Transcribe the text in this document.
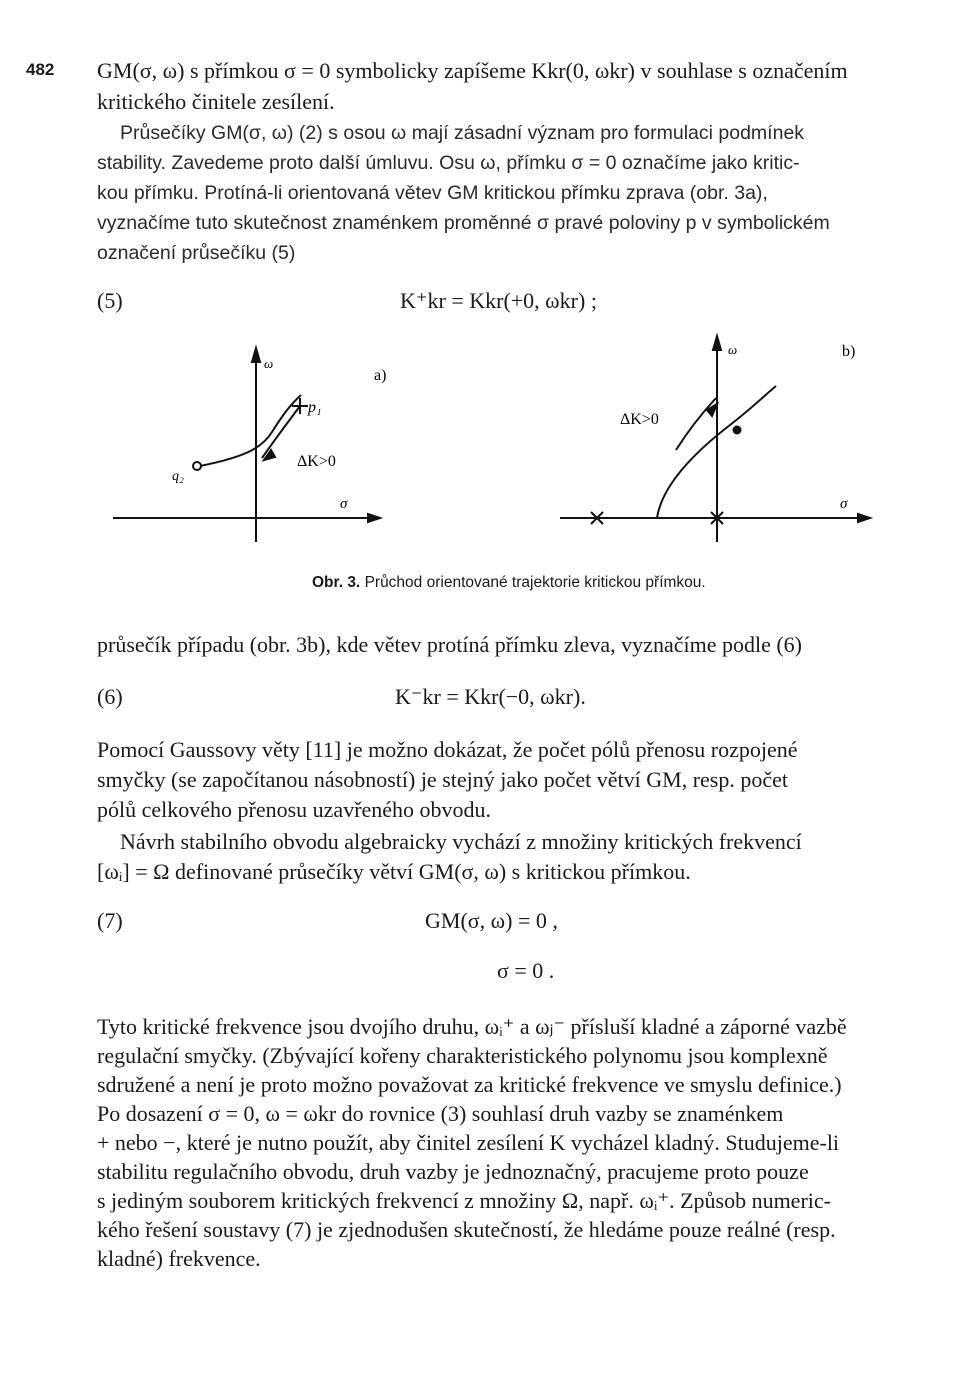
482 GM(σ, ω) s přímkou σ = 0 symbolicky zapíšeme Kkr(0, ωkr) v souhlase s označením
kritického činitele zesílení.
Průsečíky GM(σ, ω) (2) s osou ω mají zásadní význam pro formulaci podmínek
stability. Zavedeme proto další úmluvu. Osu ω, přímku σ = 0 označíme jako kritic-
kou přímku. Protíná-li orientovaná větev GM kritickou přímku zprava (obr. 3a),
vyznačíme tuto skutečnost znaménkem proměnné σ pravé poloviny p v symbolickém
označení průsečíku (5)
(5)	K⁺kr = Kkr(+0, ωkr) ;
ω
a)
p₁
q₂
ΔK>0
σ
ω	b)
ΔK>0
σ
Obr. 3. Průchod orientované trajektorie kritickou přímkou.
průsečík případu (obr. 3b), kde větev protíná přímku zleva, vyznačíme podle (6)
(6)	K⁻kr = Kkr(−0, ωkr).
Pomocí Gaussovy věty [11] je možno dokázat, že počet pólů přenosu rozpojené
smyčky (se započítanou násobností) je stejný jako počet větví GM, resp. počet
pólů celkového přenosu uzavřeného obvodu.
Návrh stabilního obvodu algebraicky vychází z množiny kritických frekvencí
[ωᵢ] = Ω definované průsečíky větví GM(σ, ω) s kritickou přímkou.
(7)	GM(σ, ω) = 0 ,
σ = 0 .
Tyto kritické frekvence jsou dvojího druhu, ωᵢ⁺ a ωⱼ⁻ přísluší kladné a záporné vazbě
regulační smyčky. (Zbývající kořeny charakteristického polynomu jsou komplexně
sdružené a není je proto možno považovat za kritické frekvence ve smyslu definice.)
Po dosazení σ = 0, ω = ωkr do rovnice (3) souhlasí druh vazby se znaménkem
+ nebo −, které je nutno použít, aby činitel zesílení K vycházel kladný. Studujeme-li
stabilitu regulačního obvodu, druh vazby je jednoznačný, pracujeme proto pouze
s jediným souborem kritických frekvencí z množiny Ω, např. ωᵢ⁺. Způsob numeric-
kého řešení soustavy (7) je zjednodušen skutečností, že hledáme pouze reálné (resp.
kladné) frekvence.
